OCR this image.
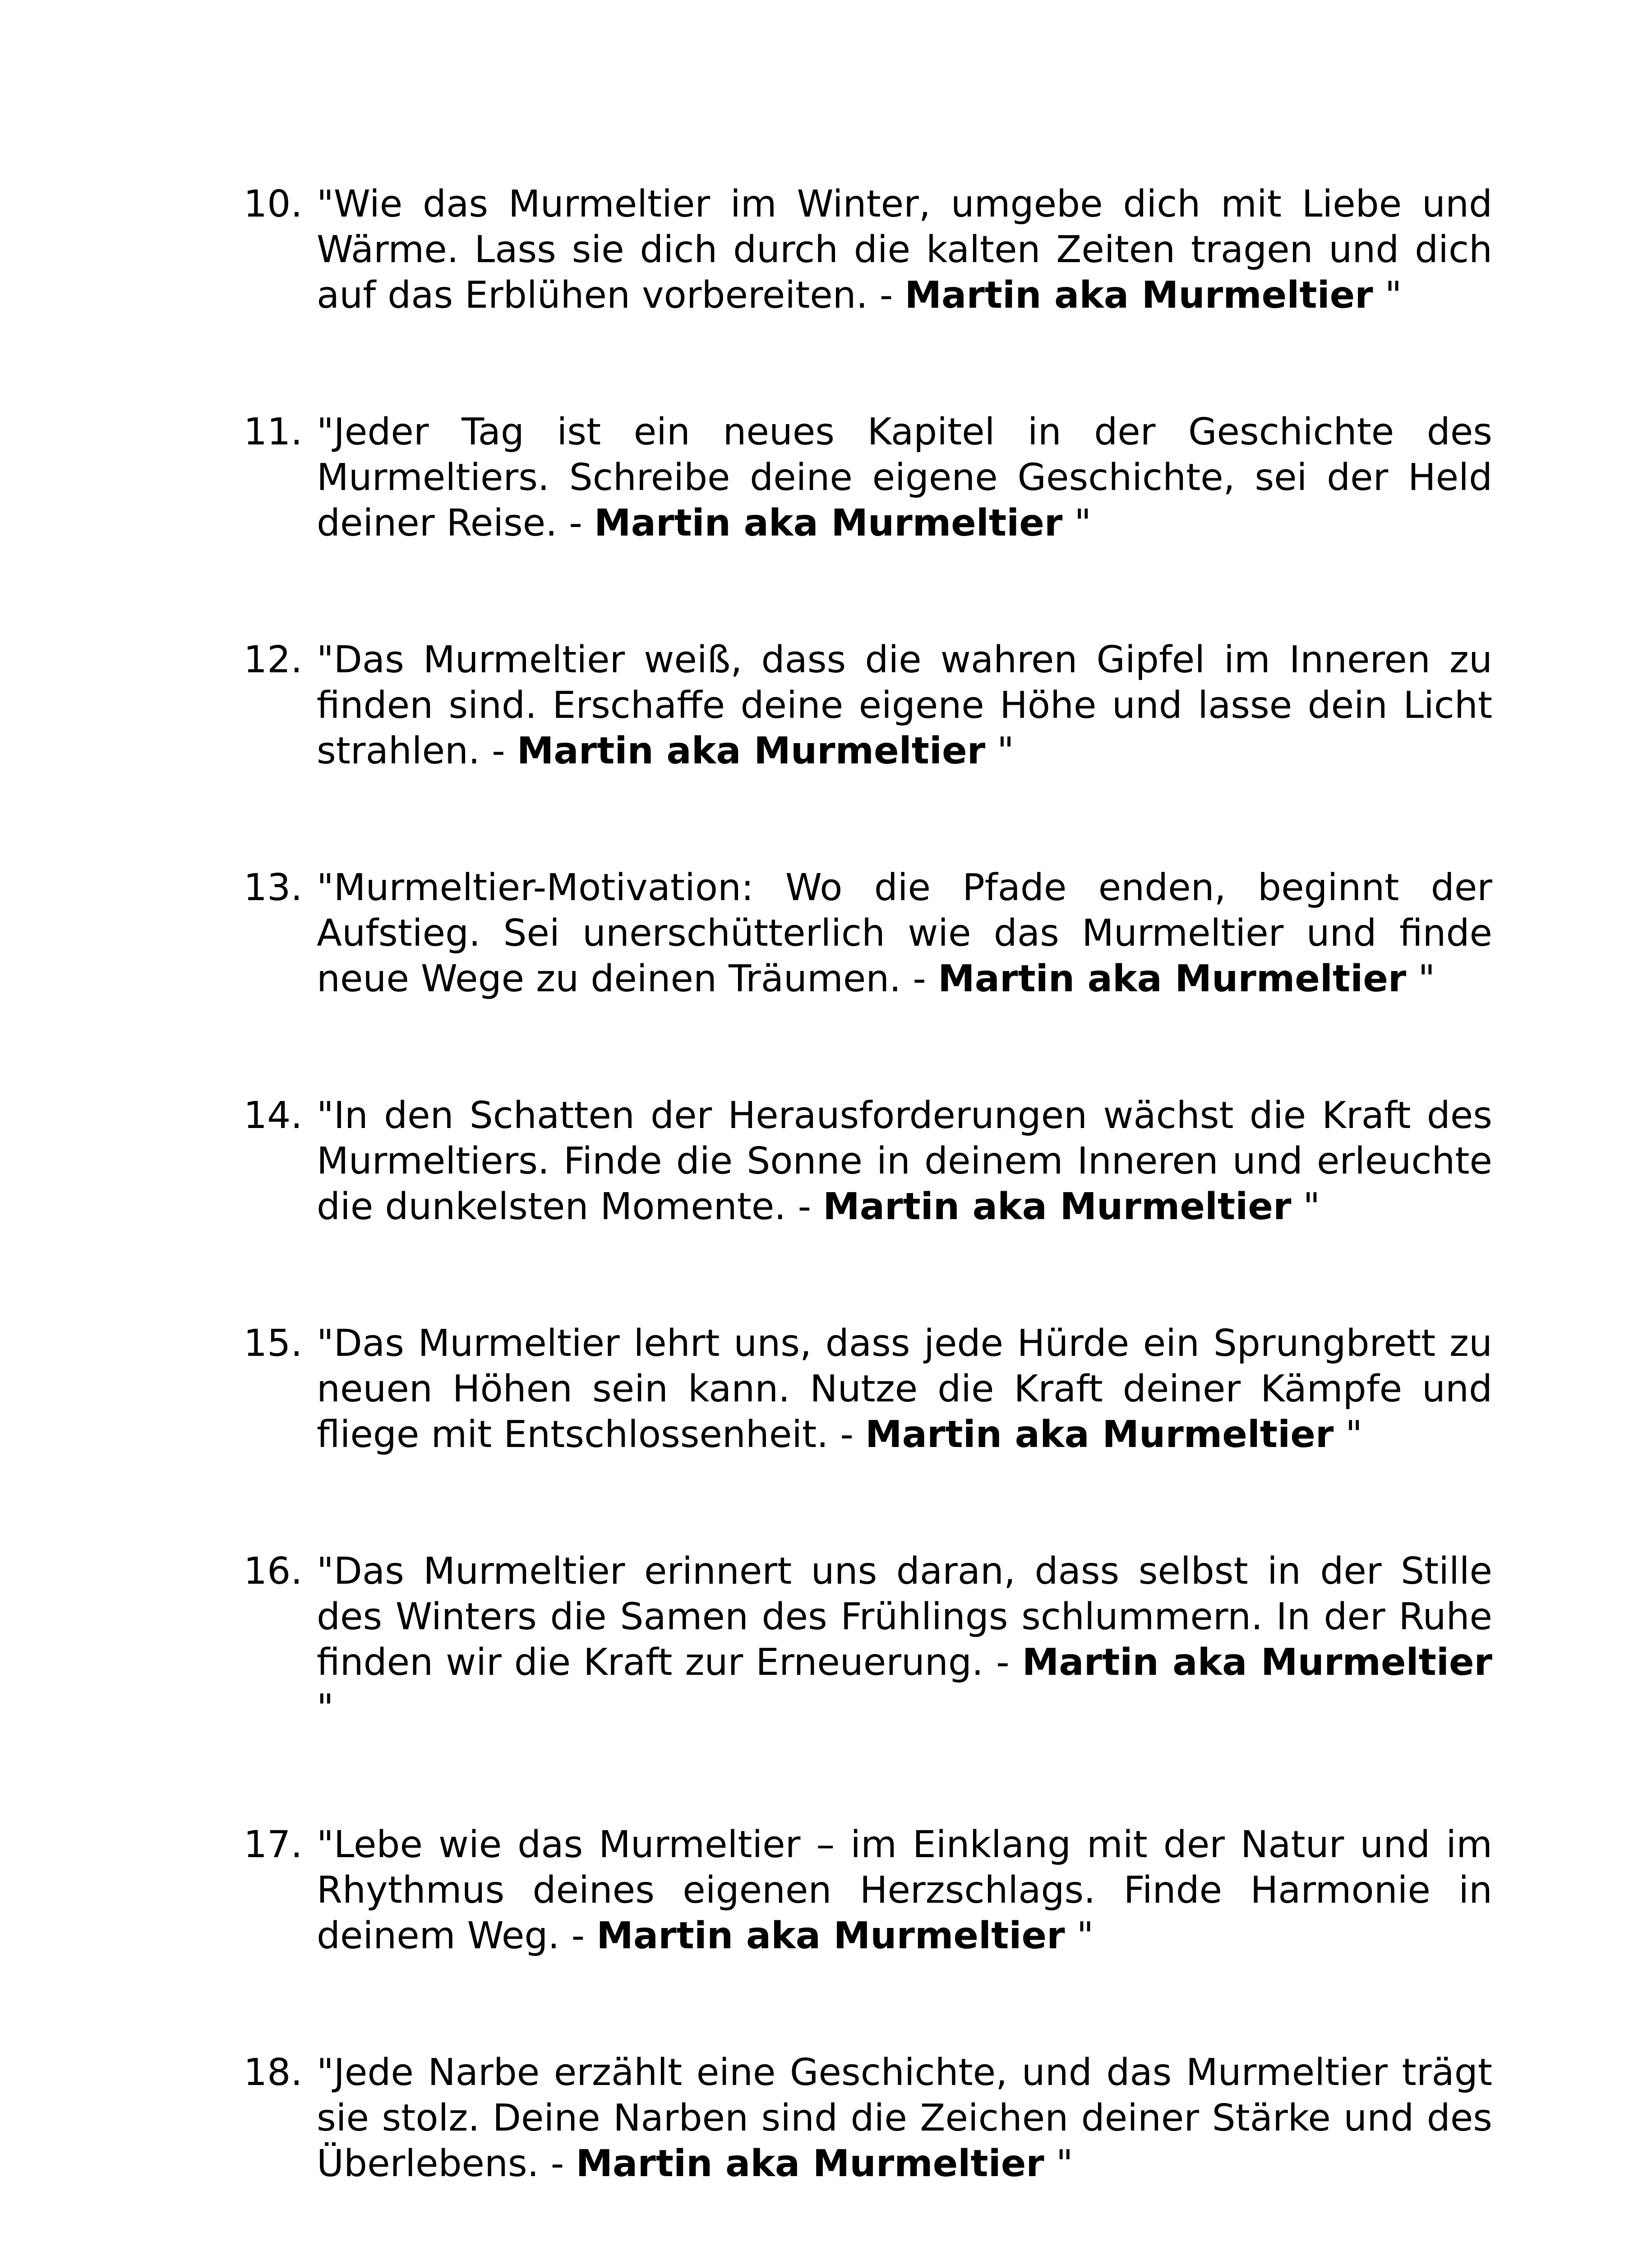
10. "Wie das Murmeltier im Winter, umgebe dich mit Liebe und Wärme. Lass sie dich durch die kalten Zeiten tragen und dich auf das Erblühen vorbereiten. - Martin aka Murmeltier "
11. "Jeder Tag ist ein neues Kapitel in der Geschichte des Murmeltiers. Schreibe deine eigene Geschichte, sei der Held deiner Reise. - Martin aka Murmeltier "
12. "Das Murmeltier weiß, dass die wahren Gipfel im Inneren zu finden sind. Erschaffe deine eigene Höhe und lasse dein Licht strahlen. - Martin aka Murmeltier "
13. "Murmeltier-Motivation: Wo die Pfade enden, beginnt der Aufstieg. Sei unerschütterlich wie das Murmeltier und finde neue Wege zu deinen Träumen. - Martin aka Murmeltier "
14. "In den Schatten der Herausforderungen wächst die Kraft des Murmeltiers. Finde die Sonne in deinem Inneren und erleuchte die dunkelsten Momente. - Martin aka Murmeltier "
15. "Das Murmeltier lehrt uns, dass jede Hürde ein Sprungbrett zu neuen Höhen sein kann. Nutze die Kraft deiner Kämpfe und fliege mit Entschlossenheit. - Martin aka Murmeltier "
16. "Das Murmeltier erinnert uns daran, dass selbst in der Stille des Winters die Samen des Frühlings schlummern. In der Ruhe finden wir die Kraft zur Erneuerung. - Martin aka Murmeltier "
17. "Lebe wie das Murmeltier – im Einklang mit der Natur und im Rhythmus deines eigenen Herzschlags. Finde Harmonie in deinem Weg. - Martin aka Murmeltier "
18. "Jede Narbe erzählt eine Geschichte, und das Murmeltier trägt sie stolz. Deine Narben sind die Zeichen deiner Stärke und des Überlebens. - Martin aka Murmeltier "
